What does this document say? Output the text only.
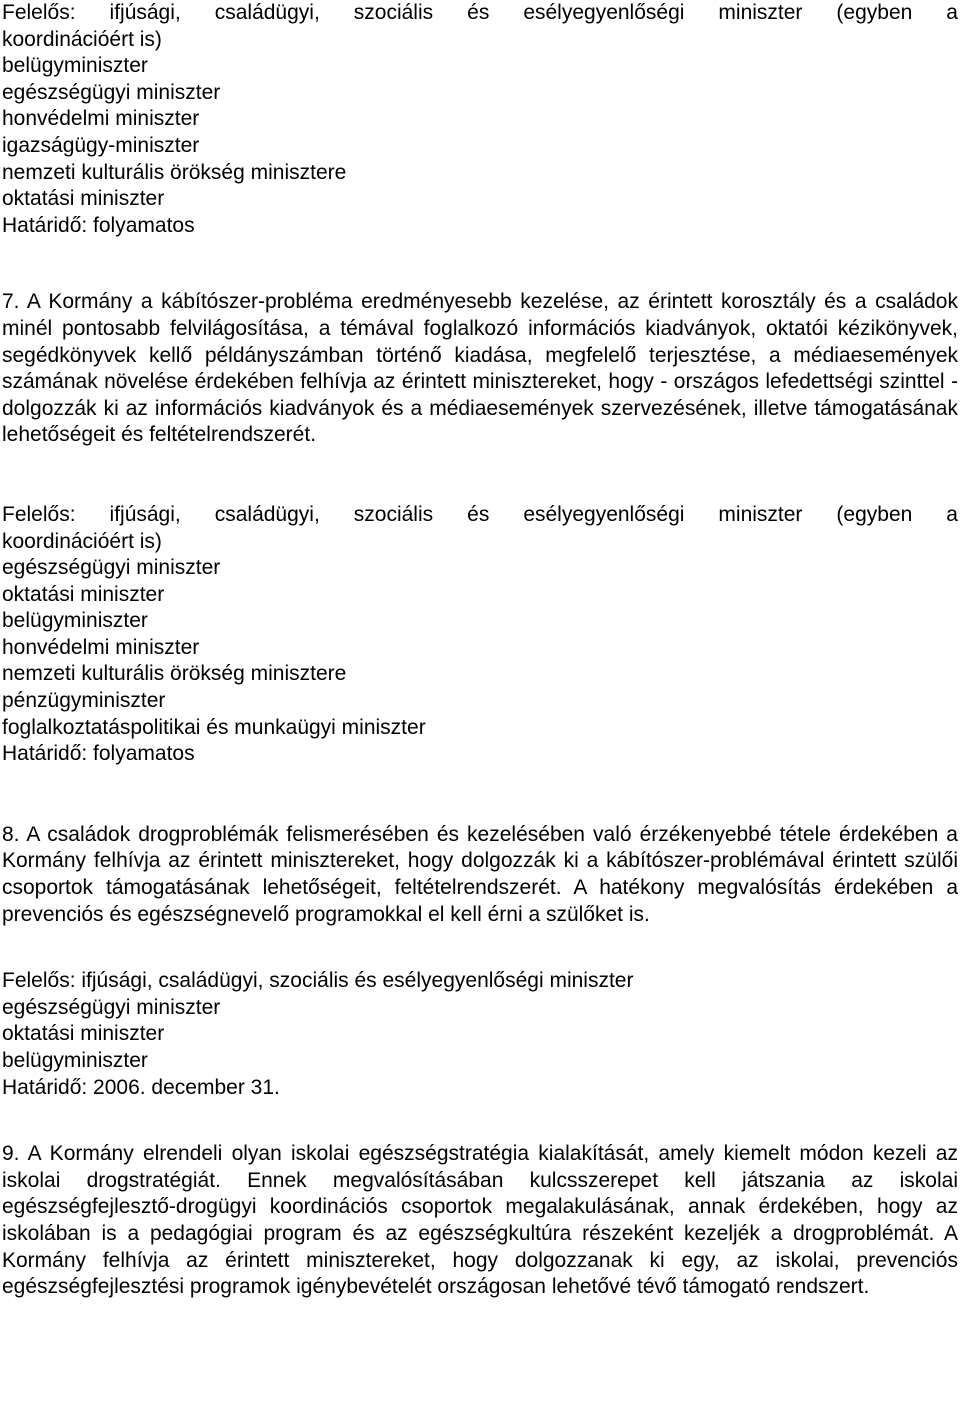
Felelős: ifjúsági, családügyi, szociális és esélyegyenlőségi miniszter (egyben a
koordinációért is)
belügyminiszter
egészségügyi miniszter
honvédelmi miniszter
igazságügy-miniszter
nemzeti kulturális örökség minisztere
oktatási miniszter
Határidő: folyamatos

7. A Kormány a kábítószer-probléma eredményesebb kezelése, az érintett korosztály és a családok minél pontosabb felvilágosítása, a témával foglalkozó információs kiadványok, oktatói kézikönyvek, segédkönyvek kellő példányszámban történő kiadása, megfelelő terjesztése, a médiaesemények számának növelése érdekében felhívja az érintett minisztereket, hogy - országos lefedettségi szinttel - dolgozzák ki az információs kiadványok és a médiaesemények szervezésének, illetve támogatásának lehetőségeit és feltételrendszerét.

Felelős: ifjúsági, családügyi, szociális és esélyegyenlőségi miniszter (egyben a
koordinációért is)
egészségügyi miniszter
oktatási miniszter
belügyminiszter
honvédelmi miniszter
nemzeti kulturális örökség minisztere
pénzügyminiszter
foglalkoztatáspolitikai és munkaügyi miniszter
Határidő: folyamatos

8. A családok drogproblémák felismerésében és kezelésében való érzékenyebbé tétele érdekében a Kormány felhívja az érintett minisztereket, hogy dolgozzák ki a kábítószer-problémával érintett szülői csoportok támogatásának lehetőségeit, feltételrendszerét. A hatékony megvalósítás érdekében a prevenciós és egészségnevelő programokkal el kell érni a szülőket is.

Felelős: ifjúsági, családügyi, szociális és esélyegyenlőségi miniszter
egészségügyi miniszter
oktatási miniszter
belügyminiszter
Határidő: 2006. december 31.

9. A Kormány elrendeli olyan iskolai egészségstratégia kialakítását, amely kiemelt módon kezeli az iskolai drogstratégiát. Ennek megvalósításában kulcsszerepet kell játszania az iskolai egészségfejlesztő-drogügyi koordinációs csoportok megalakulásának, annak érdekében, hogy az iskolában is a pedagógiai program és az egészségkultúra részeként kezeljék a drogproblémát. A Kormány felhívja az érintett minisztereket, hogy dolgozzanak ki egy, az iskolai, prevenciós egészségfejlesztési programok igénybevételét országosan lehetővé tévő támogató rendszert.
